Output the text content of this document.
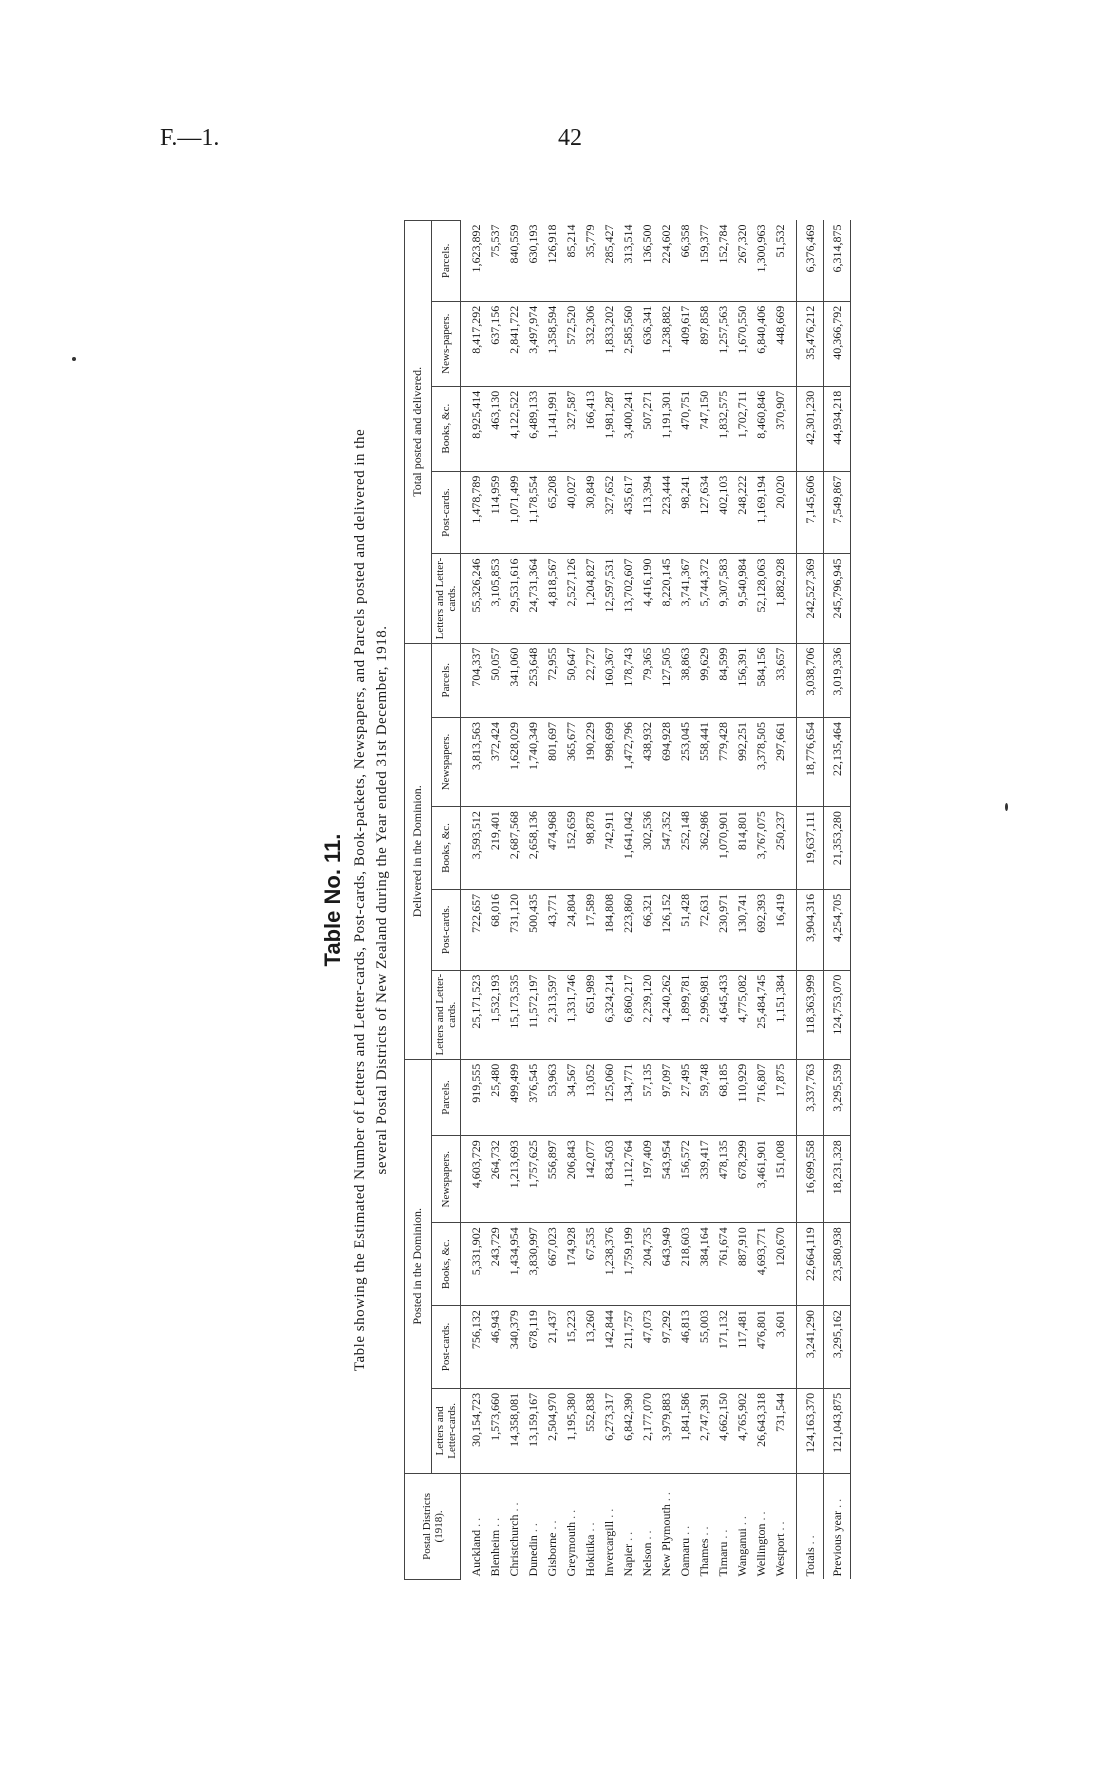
F.—1.	42
Table No. 11. Table showing the Estimated Number of Letters and Letter-cards, Post-cards, Book-packets, Newspapers, and Parcels posted and delivered in the several Postal Districts of New Zealand during the Year ended 31st December, 1918.
Postal Districts (1918).	Posted in the Dominion.					Delivered in the Dominion.					Total posted and delivered.				
	Letters and Letter-cards.	Post-cards.	Books, &c.	Newspapers.	Parcels.	Letters and Letter-cards.	Post-cards.	Books, &c.	Newspapers.	Parcels.	Letters and Letter-cards.	Post-cards.	Books, &c.	News-papers.	Parcels.
Auckland . .	30,154,723	756,132	5,331,902	4,603,729	919,555	25,171,523	722,657	3,593,512	3,813,563	704,337	55,326,246	1,478,789	8,925,414	8,417,292	1,623,892
Blenheim . .	1,573,660	46,943	243,729	264,732	25,480	1,532,193	68,016	219,401	372,424	50,057	3,105,853	114,959	463,130	637,156	75,537
Christchurch . .	14,358,081	340,379	1,434,954	1,213,693	499,499	15,173,535	731,120	2,687,568	1,628,029	341,060	29,531,616	1,071,499	4,122,522	2,841,722	840,559
Dunedin . .	13,159,167	678,119	3,830,997	1,757,625	376,545	11,572,197	500,435	2,658,136	1,740,349	253,648	24,731,364	1,178,554	6,489,133	3,497,974	630,193
Gisborne . .	2,504,970	21,437	667,023	556,897	53,963	2,313,597	43,771	474,968	801,697	72,955	4,818,567	65,208	1,141,991	1,358,594	126,918
Greymouth . .	1,195,380	15,223	174,928	206,843	34,567	1,331,746	24,804	152,659	365,677	50,647	2,527,126	40,027	327,587	572,520	85,214
Hokitika . .	552,838	13,260	67,535	142,077	13,052	651,989	17,589	98,878	190,229	22,727	1,204,827	30,849	166,413	332,306	35,779
Invercargill . .	6,273,317	142,844	1,238,376	834,503	125,060	6,324,214	184,808	742,911	998,699	160,367	12,597,531	327,652	1,981,287	1,833,202	285,427
Napier . .	6,842,390	211,757	1,759,199	1,112,764	134,771	6,860,217	223,860	1,641,042	1,472,796	178,743	13,702,607	435,617	3,400,241	2,585,560	313,514
Nelson . .	2,177,070	47,073	204,735	197,409	57,135	2,239,120	66,321	302,536	438,932	79,365	4,416,190	113,394	507,271	636,341	136,500
New Plymouth . .	3,979,883	97,292	643,949	543,954	97,097	4,240,262	126,152	547,352	694,928	127,505	8,220,145	223,444	1,191,301	1,238,882	224,602
Oamaru . .	1,841,586	46,813	218,603	156,572	27,495	1,899,781	51,428	252,148	253,045	38,863	3,741,367	98,241	470,751	409,617	66,358
Thames . .	2,747,391	55,003	384,164	339,417	59,748	2,996,981	72,631	362,986	558,441	99,629	5,744,372	127,634	747,150	897,858	159,377
Timaru . .	4,662,150	171,132	761,674	478,135	68,185	4,645,433	230,971	1,070,901	779,428	84,599	9,307,583	402,103	1,832,575	1,257,563	152,784
Wanganui . .	4,765,902	117,481	887,910	678,299	110,929	4,775,082	130,741	814,801	992,251	156,391	9,540,984	248,222	1,702,711	1,670,550	267,320
Wellington . .	26,643,318	476,801	4,693,771	3,461,901	716,807	25,484,745	692,393	3,767,075	3,378,505	584,156	52,128,063	1,169,194	8,460,846	6,840,406	1,300,963
Westport . .	731,544	3,601	120,670	151,008	17,875	1,151,384	16,419	250,237	297,661	33,657	1,882,928	20,020	370,907	448,669	51,532
Totals . .	124,163,370	3,241,290	22,664,119	16,699,558	3,337,763	118,363,999	3,904,316	19,637,111	18,776,654	3,038,706	242,527,369	7,145,606	42,301,230	35,476,212	6,376,469
Previous year . .	121,043,875	3,295,162	23,580,938	18,231,328	3,295,539	124,753,070	4,254,705	21,353,280	22,135,464	3,019,336	245,796,945	7,549,867	44,934,218	40,366,792	6,314,875
